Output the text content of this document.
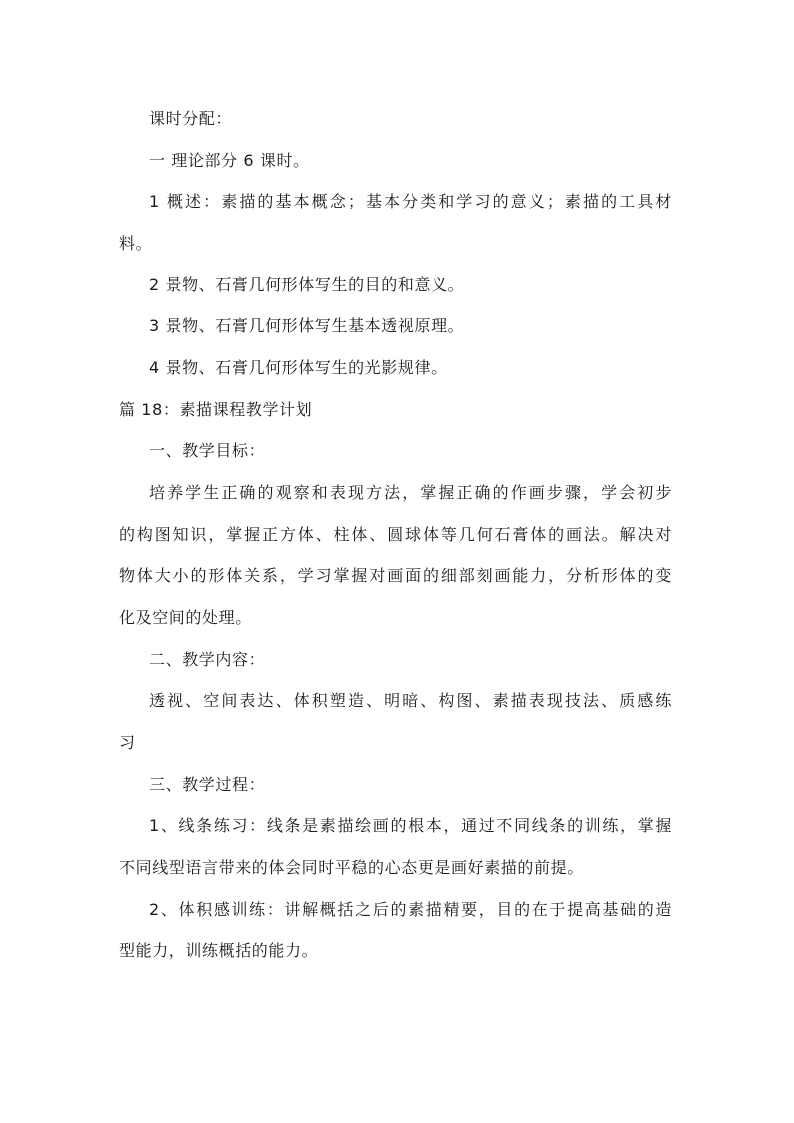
课时分配：

一 理论部分 6 课时。

1 概述：素描的基本概念；基本分类和学习的意义；素描的工具材

料。

2 景物、石膏几何形体写生的目的和意义。

3 景物、石膏几何形体写生基本透视原理。

4 景物、石膏几何形体写生的光影规律。

篇 18：素描课程教学计划

一、教学目标：

培养学生正确的观察和表现方法，掌握正确的作画步骤，学会初步

的构图知识，掌握正方体、柱体、圆球体等几何石膏体的画法。解决对

物体大小的形体关系，学习掌握对画面的细部刻画能力，分析形体的变

化及空间的处理。

二、教学内容：

透视、空间表达、体积塑造、明暗、构图、素描表现技法、质感练

习

三、教学过程：

1、线条练习：线条是素描绘画的根本，通过不同线条的训练，掌握

不同线型语言带来的体会同时平稳的心态更是画好素描的前提。

2、体积感训练：讲解概括之后的素描精要，目的在于提高基础的造

型能力，训练概括的能力。
